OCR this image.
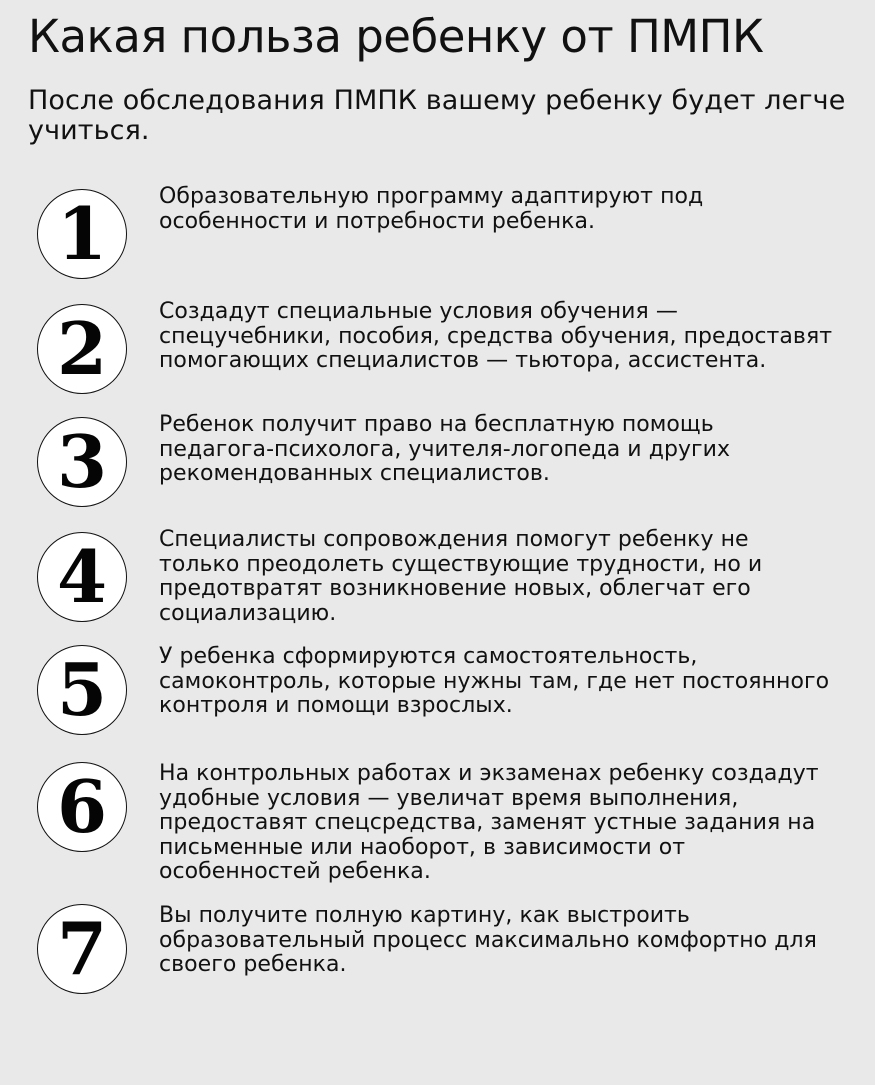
Какая польза ребенку от ПМПК

После обследования ПМПК вашему ребенку будет легче учиться.

1	Образовательную программу адаптируют под
особенности и потребности ребенка.

2	Создадут специальные условия обучения —
спецучебники, пособия, средства обучения, предоставят
помогающих специалистов — тьютора, ассистента.

3	Ребенок получит право на бесплатную помощь
педагога-психолога, учителя-логопеда и других
рекомендованных специалистов.

4	Специалисты сопровождения помогут ребенку не
только преодолеть существующие трудности, но и
предотвратят возникновение новых, облегчат его
социализацию.

5	У ребенка сформируются самостоятельность,
самоконтроль, которые нужны там, где нет постоянного
контроля и помощи взрослых.

6	На контрольных работах и экзаменах ребенку создадут
удобные условия — увеличат время выполнения,
предоставят спецсредства, заменят устные задания на
письменные или наоборот, в зависимости от
особенностей ребенка.

7	Вы получите полную картину, как выстроить
образовательный процесс максимально комфортно для
своего ребенка.
